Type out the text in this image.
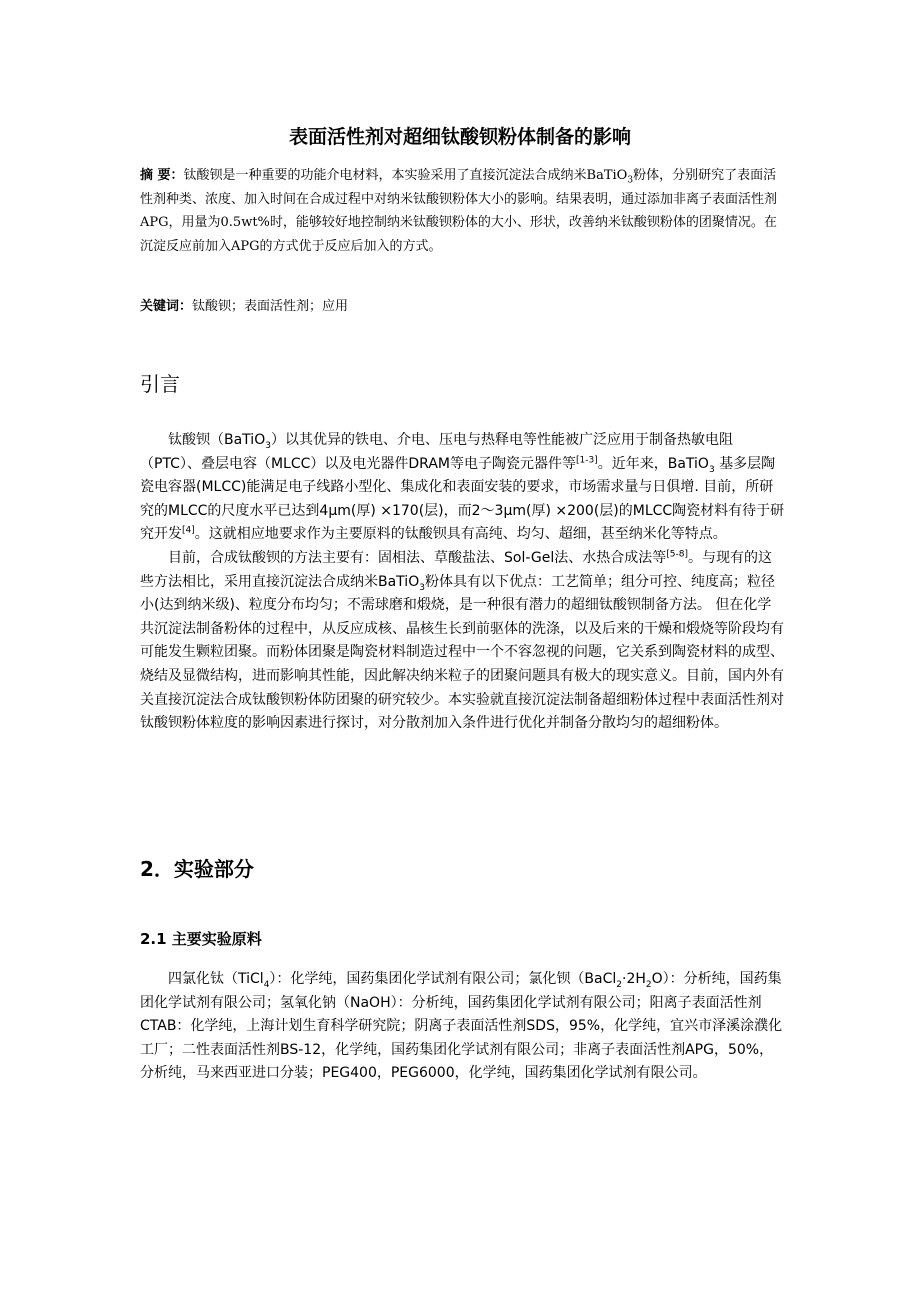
表面活性剂对超细钛酸钡粉体制备的影响

摘 要：钛酸钡是一种重要的功能介电材料，本实验采用了直接沉淀法合成纳米BaTiO$_3$粉体，分别研究了表面活性剂种类、浓度、加入时间在合成过程中对纳米钛酸钡粉体大小的影响。结果表明，通过添加非离子表面活性剂APG，用量为0.5wt%时，能够较好地控制纳米钛酸钡粉体的大小、形状，改善纳米钛酸钡粉体的团聚情况。在沉淀反应前加入APG的方式优于反应后加入的方式。

关键词：钛酸钡；表面活性剂；应用

引言

钛酸钡（BaTiO$_3$）以其优异的铁电、介电、压电与热释电等性能被广泛应用于制备热敏电阻（PTC）、叠层电容（MLCC）以及电光器件DRAM等电子陶瓷元器件等[1-3]。近年来，BaTiO$_3$ 基多层陶瓷电容器(MLCC)能满足电子线路小型化、集成化和表面安装的要求，市场需求量与日俱增. 目前，所研究的MLCC的尺度水平已达到4μm(厚) ×170(层)，而2～3μm(厚) ×200(层)的MLCC陶瓷材料有待于研究开发[4]。这就相应地要求作为主要原料的钛酸钡具有高纯、均匀、超细，甚至纳米化等特点。

目前，合成钛酸钡的方法主要有：固相法、草酸盐法、Sol-Gel法、水热合成法等[5-8]。与现有的这些方法相比，采用直接沉淀法合成纳米BaTiO$_3$粉体具有以下优点：工艺简单；组分可控、纯度高；粒径小(达到纳米级)、粒度分布均匀；不需球磨和煅烧，是一种很有潜力的超细钛酸钡制备方法。 但在化学共沉淀法制备粉体的过程中，从反应成核、晶核生长到前驱体的洗涤，以及后来的干燥和煅烧等阶段均有可能发生颗粒团聚。而粉体团聚是陶瓷材料制造过程中一个不容忽视的问题，它关系到陶瓷材料的成型、烧结及显微结构，进而影响其性能，因此解决纳米粒子的团聚问题具有极大的现实意义。目前，国内外有关直接沉淀法合成钛酸钡粉体防团聚的研究较少。本实验就直接沉淀法制备超细粉体过程中表面活性剂对钛酸钡粉体粒度的影响因素进行探讨，对分散剂加入条件进行优化并制备分散均匀的超细粉体。

2．实验部分
2.1 主要实验原料

四氯化钛（TiCl$_4$）：化学纯，国药集团化学试剂有限公司；氯化钡$(BaCl_2\cdot 2H_2O)$：分析纯，国药集团化学试剂有限公司；氢氧化钠（NaOH）：分析纯，国药集团化学试剂有限公司；阳离子表面活性剂CTAB：化学纯，上海计划生育科学研究院；阴离子表面活性剂SDS，95%，化学纯，宜兴市泽溪涂濮化工厂；二性表面活性剂BS-12，化学纯，国药集团化学试剂有限公司；非离子表面活性剂APG，50%，分析纯，马来西亚进口分装；PEG400，PEG6000，化学纯，国药集团化学试剂有限公司。
